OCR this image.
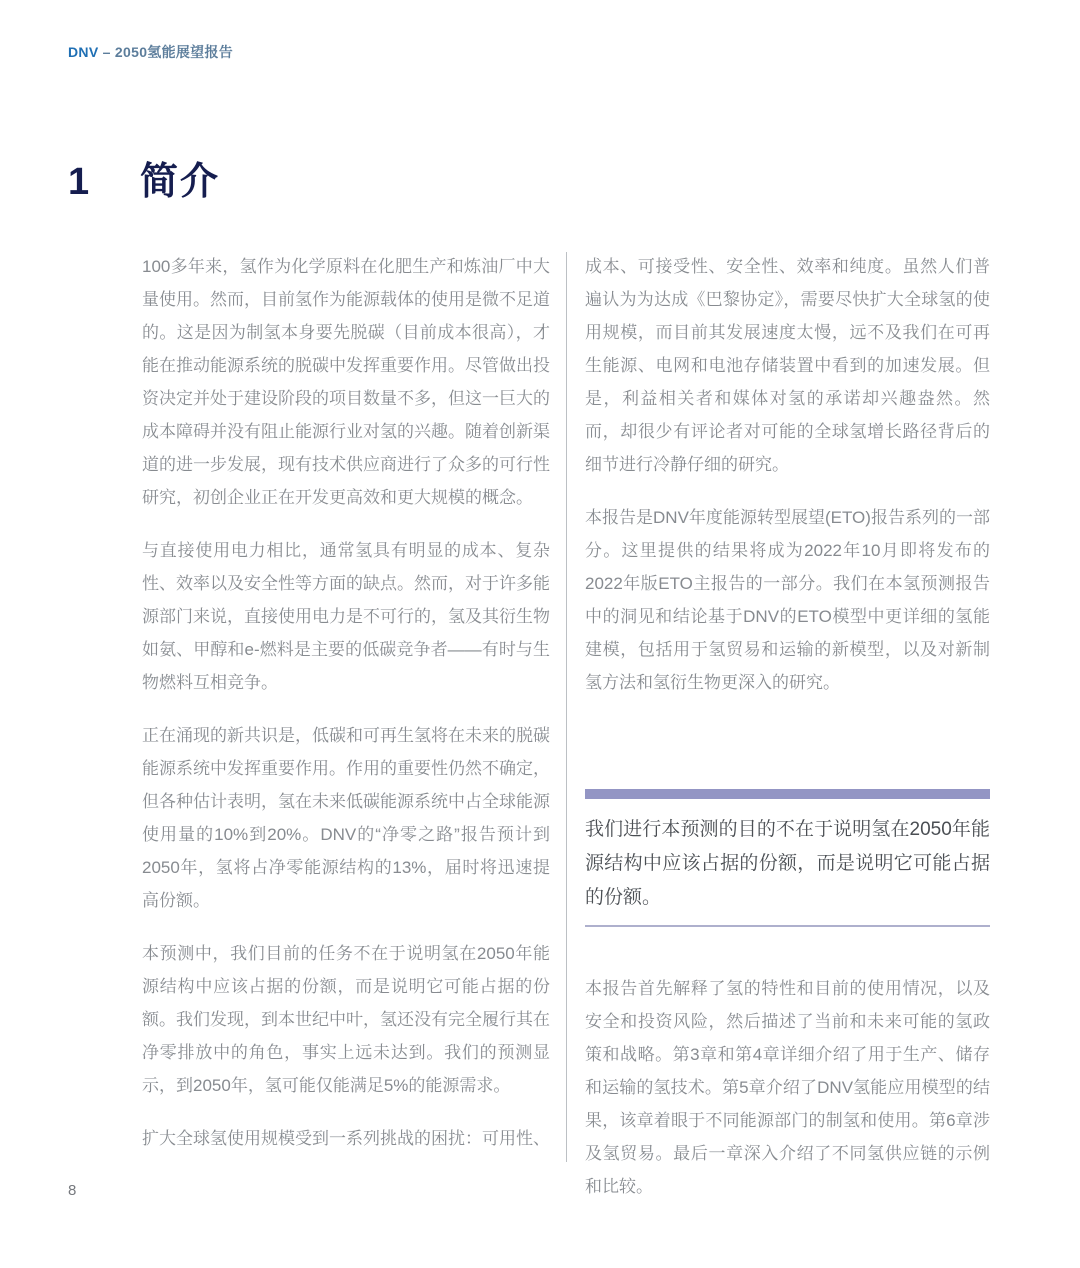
DNV – 2050氢能展望报告
1 简介

100多年来，氢作为化学原料在化肥生产和炼油厂中大量使用。然而，目前氢作为能源载体的使用是微不足道的。这是因为制氢本身要先脱碳（目前成本很高），才能在推动能源系统的脱碳中发挥重要作用。尽管做出投资决定并处于建设阶段的项目数量不多，但这一巨大的成本障碍并没有阻止能源行业对氢的兴趣。随着创新渠道的进一步发展，现有技术供应商进行了众多的可行性研究，初创企业正在开发更高效和更大规模的概念。

与直接使用电力相比，通常氢具有明显的成本、复杂性、效率以及安全性等方面的缺点。然而，对于许多能源部门来说，直接使用电力是不可行的，氢及其衍生物如氨、甲醇和e-燃料是主要的低碳竞争者——有时与生物燃料互相竞争。

正在涌现的新共识是，低碳和可再生氢将在未来的脱碳能源系统中发挥重要作用。作用的重要性仍然不确定，但各种估计表明，氢在未来低碳能源系统中占全球能源使用量的10%到20%。DNV的“净零之路”报告预计到2050年，氢将占净零能源结构的13%，届时将迅速提高份额。

本预测中，我们目前的任务不在于说明氢在2050年能源结构中应该占据的份额，而是说明它可能占据的份额。我们发现，到本世纪中叶，氢还没有完全履行其在净零排放中的角色，事实上远未达到。我们的预测显示，到2050年，氢可能仅能满足5%的能源需求。

扩大全球氢使用规模受到一系列挑战的困扰：可用性、

成本、可接受性、安全性、效率和纯度。虽然人们普遍认为为达成《巴黎协定》，需要尽快扩大全球氢的使用规模，而目前其发展速度太慢，远不及我们在可再生能源、电网和电池存储装置中看到的加速发展。但是，利益相关者和媒体对氢的承诺却兴趣盎然。然而，却很少有评论者对可能的全球氢增长路径背后的细节进行冷静仔细的研究。

本报告是DNV年度能源转型展望(ETO)报告系列的一部分。这里提供的结果将成为2022年10月即将发布的2022年版ETO主报告的一部分。我们在本氢预测报告中的洞见和结论基于DNV的ETO模型中更详细的氢能建模，包括用于氢贸易和运输的新模型，以及对新制氢方法和氢衍生物更深入的研究。

我们进行本预测的目的不在于说明氢在2050年能源结构中应该占据的份额，而是说明它可能占据的份额。

本报告首先解释了氢的特性和目前的使用情况，以及安全和投资风险，然后描述了当前和未来可能的氢政策和战略。第3章和第4章详细介绍了用于生产、储存和运输的氢技术。第5章介绍了DNV氢能应用模型的结果，该章着眼于不同能源部门的制氢和使用。第6章涉及氢贸易。最后一章深入介绍了不同氢供应链的示例和比较。

8
